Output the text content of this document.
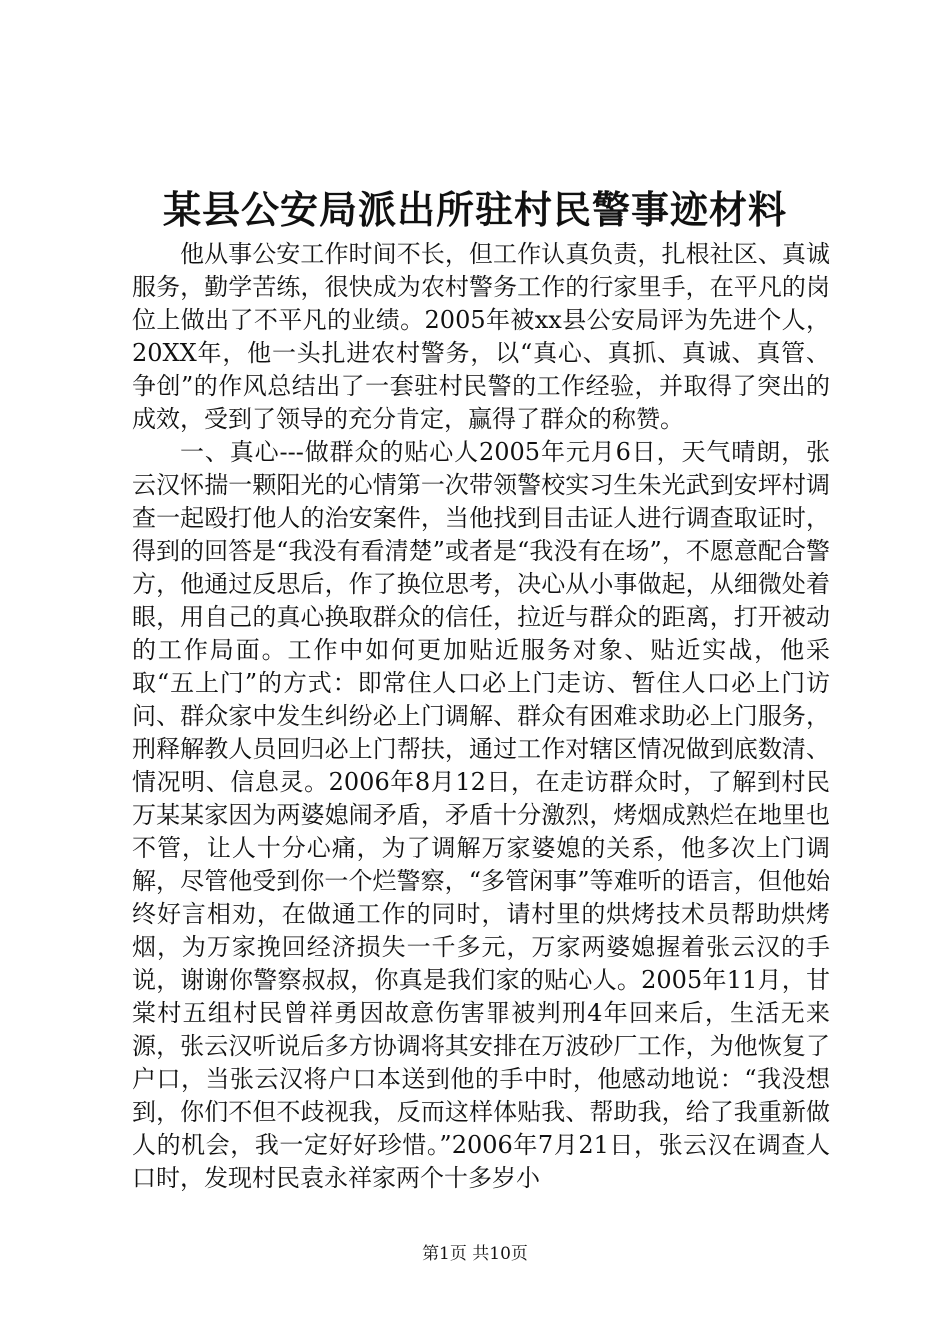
某县公安局派出所驻村民警事迹材料

他从事公安工作时间不长，但工作认真负责，扎根社区、真诚服务，勤学苦练，很快成为农村警务工作的行家里手，在平凡的岗位上做出了不平凡的业绩。2005年被xx县公安局评为先进个人，20XX年，他一头扎进农村警务，以“真心、真抓、真诚、真管、争创”的作风总结出了一套驻村民警的工作经验，并取得了突出的成效，受到了领导的充分肯定，赢得了群众的称赞。

一、真心---做群众的贴心人2005年元月6日，天气晴朗，张云汉怀揣一颗阳光的心情第一次带领警校实习生朱光武到安坪村调查一起殴打他人的治安案件，当他找到目击证人进行调查取证时，得到的回答是“我没有看清楚”或者是“我没有在场”，不愿意配合警方，他通过反思后，作了换位思考，决心从小事做起，从细微处着眼，用自己的真心换取群众的信任，拉近与群众的距离，打开被动的工作局面。工作中如何更加贴近服务对象、贴近实战，他采取“五上门”的方式：即常住人口必上门走访、暂住人口必上门访问、群众家中发生纠纷必上门调解、群众有困难求助必上门服务，刑释解教人员回归必上门帮扶，通过工作对辖区情况做到底数清、情况明、信息灵。2006年8月12日，在走访群众时，了解到村民万某某家因为两婆媳闹矛盾，矛盾十分激烈，烤烟成熟烂在地里也不管，让人十分心痛，为了调解万家婆媳的关系，他多次上门调解，尽管他受到你一个烂警察，“多管闲事”等难听的语言，但他始终好言相劝，在做通工作的同时，请村里的烘烤技术员帮助烘烤烟，为万家挽回经济损失一千多元，万家两婆媳握着张云汉的手说，谢谢你警察叔叔，你真是我们家的贴心人。2005年11月，甘棠村五组村民曾祥勇因故意伤害罪被判刑4年回来后，生活无来源，张云汉听说后多方协调将其安排在万波砂厂工作，为他恢复了户口，当张云汉将户口本送到他的手中时，他感动地说：“我没想到，你们不但不歧视我，反而这样体贴我、帮助我，给了我重新做人的机会，我一定好好珍惜。”2006年7月21日，张云汉在调查人口时，发现村民袁永祥家两个十多岁小

第1页 共10页
